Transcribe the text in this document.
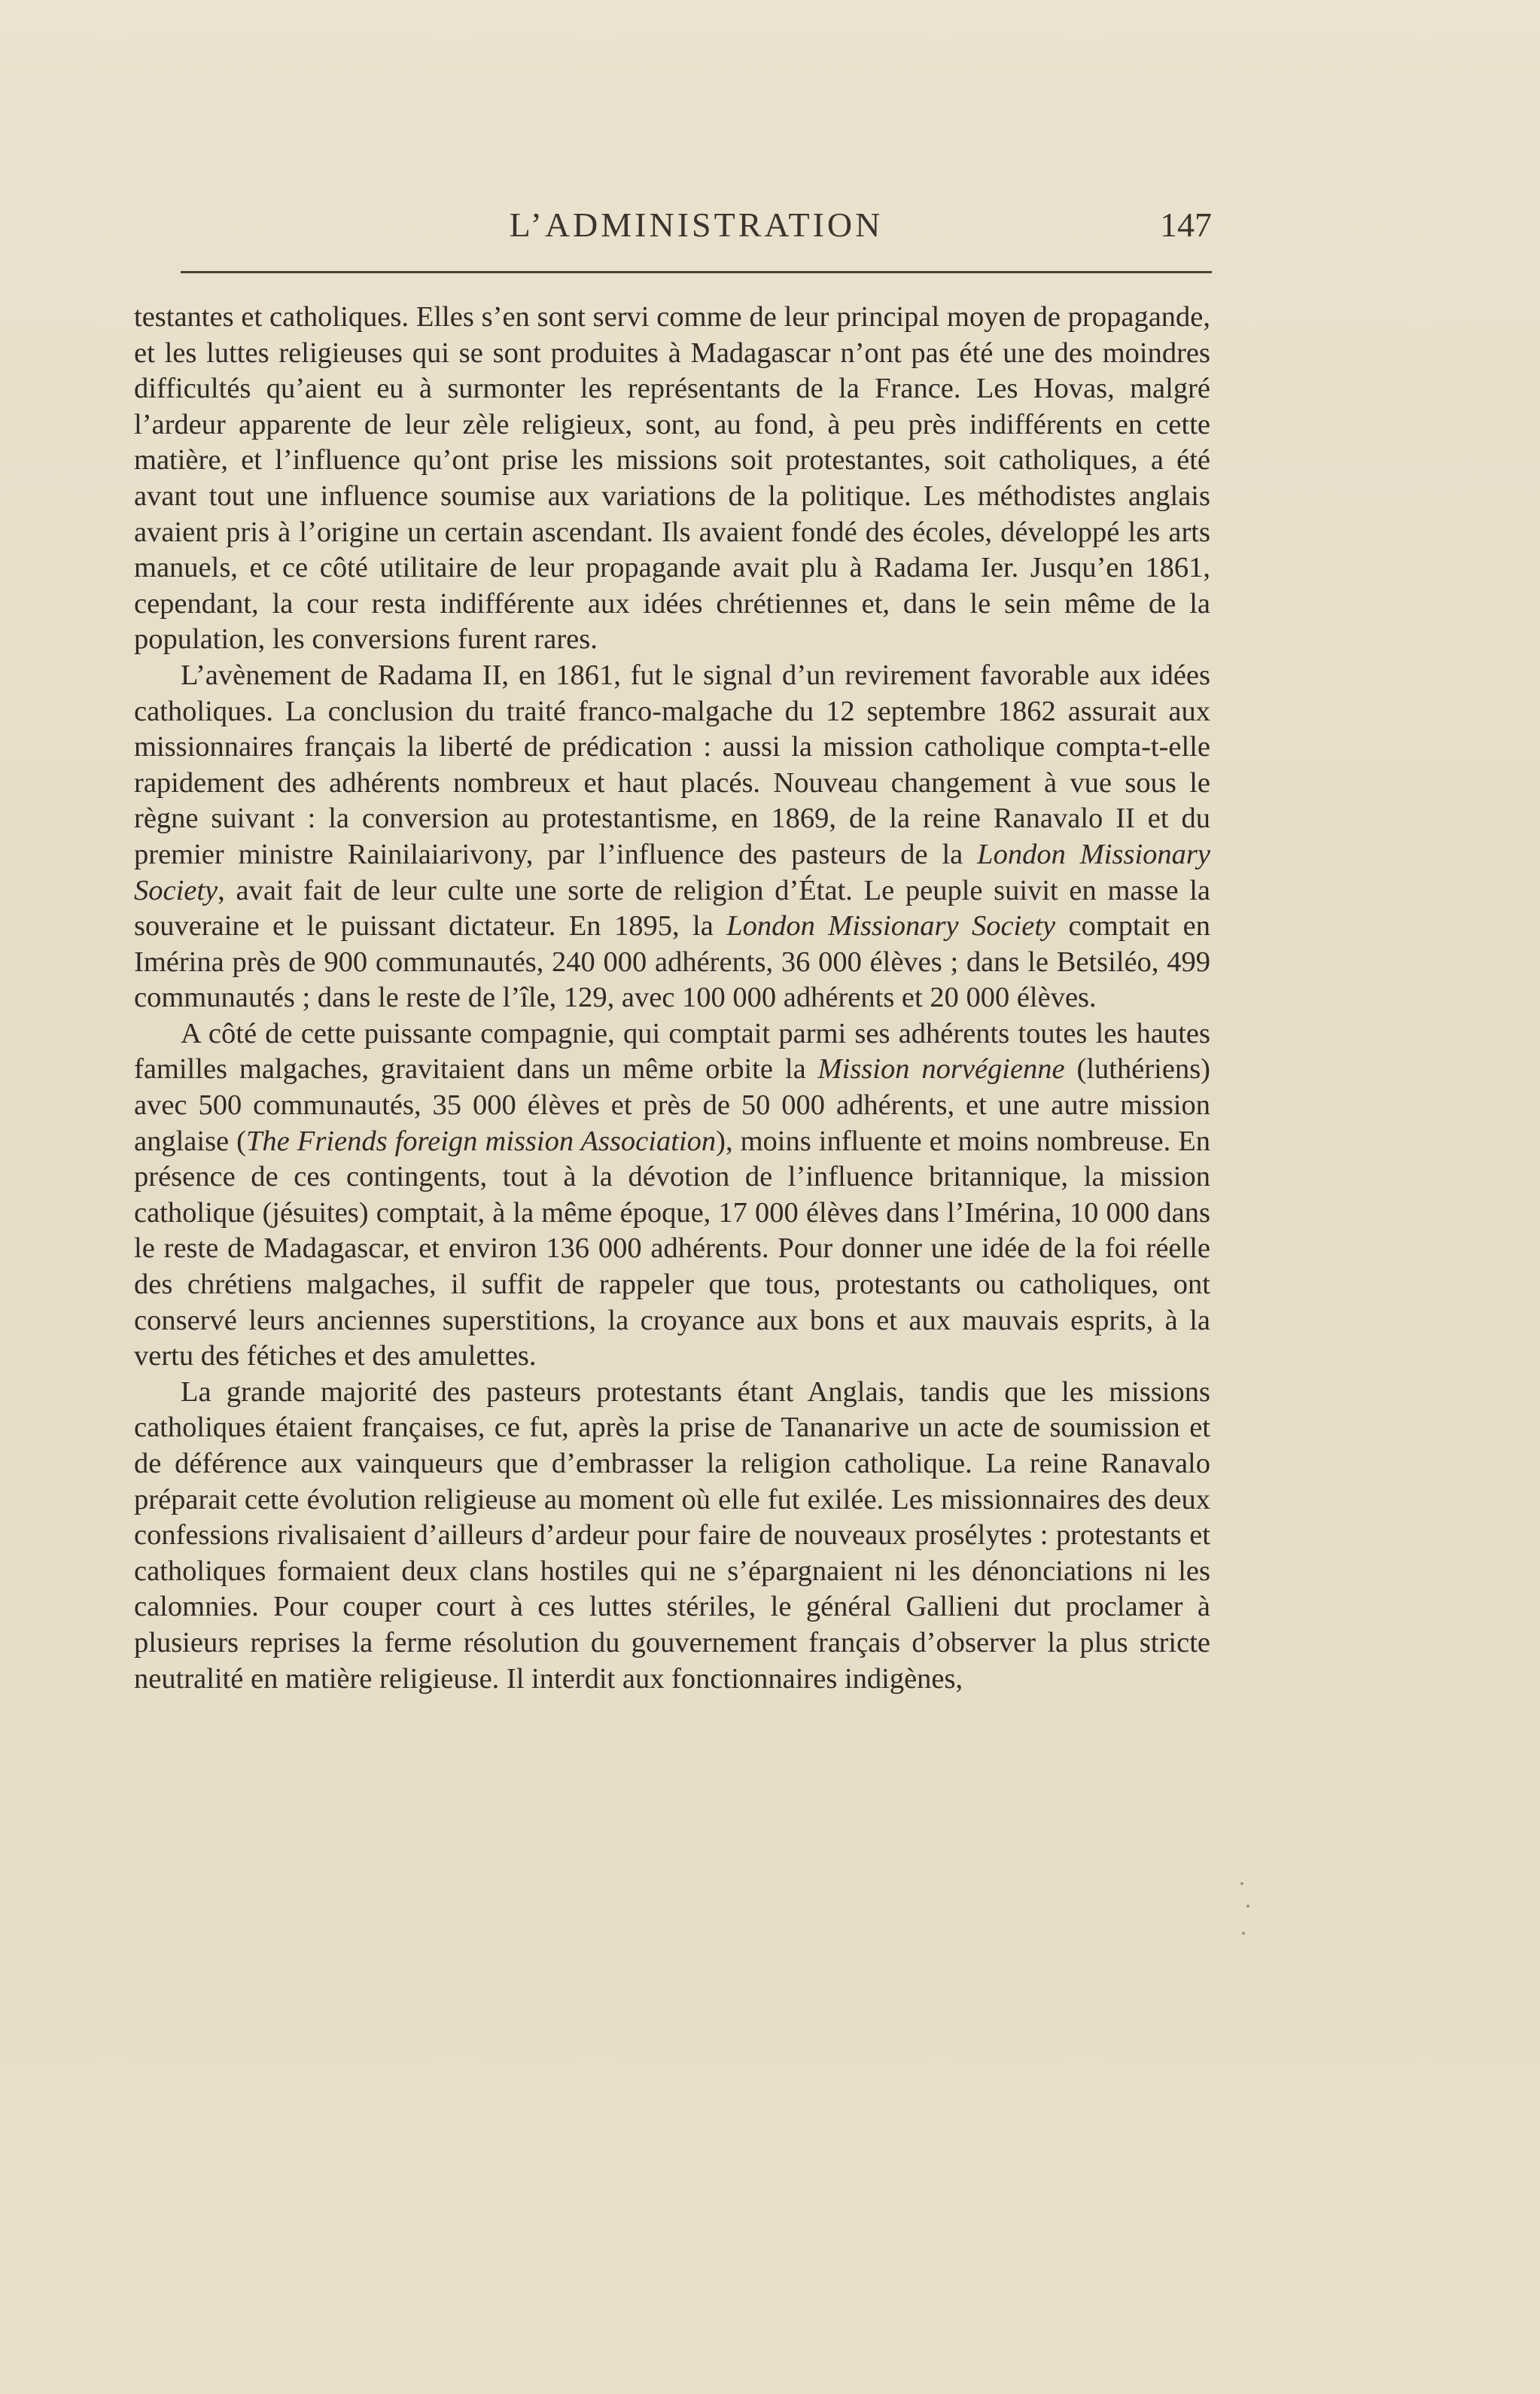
L’ADMINISTRATION	147

testantes et catholiques. Elles s’en sont servi comme de leur principal moyen de propagande, et les luttes religieuses qui se sont produites à Madagascar n’ont pas été une des moindres difficultés qu’aient eu à surmonter les représentants de la France. Les Hovas, malgré l’ardeur apparente de leur zèle religieux, sont, au fond, à peu près indifférents en cette matière, et l’influence qu’ont prise les missions soit protestantes, soit catholiques, a été avant tout une influence soumise aux variations de la politique. Les méthodistes anglais avaient pris à l’origine un certain ascendant. Ils avaient fondé des écoles, développé les arts manuels, et ce côté utilitaire de leur propagande avait plu à Radama Ier. Jusqu’en 1861, cependant, la cour resta indifférente aux idées chrétiennes et, dans le sein même de la population, les conversions furent rares.

L’avènement de Radama II, en 1861, fut le signal d’un revirement favorable aux idées catholiques. La conclusion du traité franco-malgache du 12 septembre 1862 assurait aux missionnaires français la liberté de prédication : aussi la mission catholique compta-t-elle rapidement des adhérents nombreux et haut placés. Nouveau changement à vue sous le règne suivant : la conversion au protestantisme, en 1869, de la reine Ranavalo II et du premier ministre Rainilaiarivony, par l’influence des pasteurs de la London Missionary Society, avait fait de leur culte une sorte de religion d’État. Le peuple suivit en masse la souveraine et le puissant dictateur. En 1895, la London Missionary Society comptait en Imérina près de 900 communautés, 240 000 adhérents, 36 000 élèves ; dans le Betsiléo, 499 communautés ; dans le reste de l’île, 129, avec 100 000 adhérents et 20 000 élèves.

A côté de cette puissante compagnie, qui comptait parmi ses adhérents toutes les hautes familles malgaches, gravitaient dans un même orbite la Mission norvégienne (luthériens) avec 500 communautés, 35 000 élèves et près de 50 000 adhérents, et une autre mission anglaise (The Friends foreign mission Association), moins influente et moins nombreuse. En présence de ces contingents, tout à la dévotion de l’influence britannique, la mission catholique (jésuites) comptait, à la même époque, 17 000 élèves dans l’Imérina, 10 000 dans le reste de Madagascar, et environ 136 000 adhérents. Pour donner une idée de la foi réelle des chrétiens malgaches, il suffit de rappeler que tous, protestants ou catholiques, ont conservé leurs anciennes superstitions, la croyance aux bons et aux mauvais esprits, à la vertu des fétiches et des amulettes.

La grande majorité des pasteurs protestants étant Anglais, tandis que les missions catholiques étaient françaises, ce fut, après la prise de Tananarive un acte de soumission et de déférence aux vainqueurs que d’embrasser la religion catholique. La reine Ranavalo préparait cette évolution religieuse au moment où elle fut exilée. Les missionnaires des deux confessions rivalisaient d’ailleurs d’ardeur pour faire de nouveaux prosélytes : protestants et catholiques formaient deux clans hostiles qui ne s’épargnaient ni les dénonciations ni les calomnies. Pour couper court à ces luttes stériles, le général Gallieni dut proclamer à plusieurs reprises la ferme résolution du gouvernement français d’observer la plus stricte neutralité en matière religieuse. Il interdit aux fonctionnaires indigènes,
